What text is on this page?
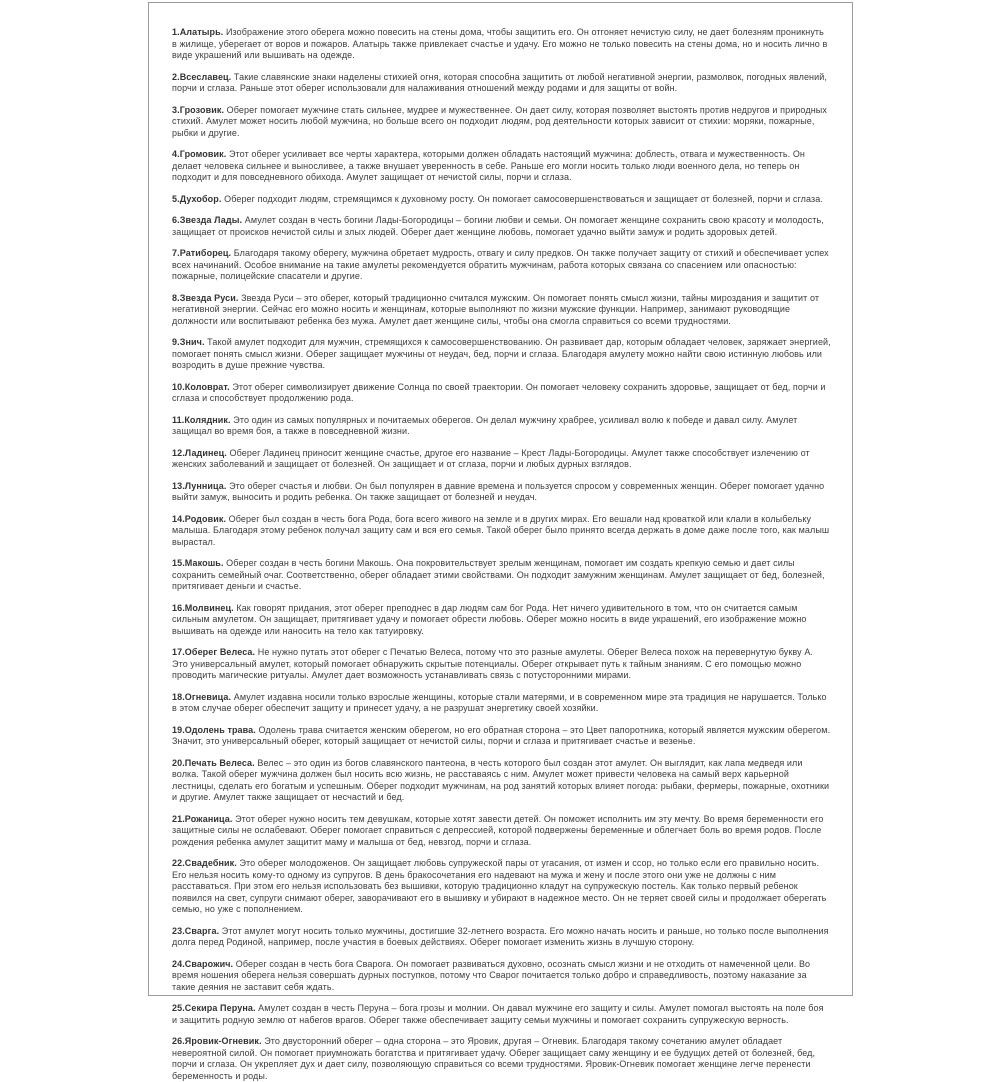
1.Алатырь. Изображение этого оберега можно повесить на стены дома, чтобы защитить его. Он отгоняет нечистую силу, не дает болезням проникнуть в жилище, уберегает от воров и пожаров. Алатырь также привлекает счастье и удачу. Его можно не только повесить на стены дома, но и носить лично в виде украшений или вышивать на одежде.

2.Всеславец. Такие славянские знаки наделены стихией огня, которая способна защитить от любой негативной энергии, размолвок, погодных явлений, порчи и сглаза. Раньше этот оберег использовали для налаживания отношений между родами и для защиты от войн.

3.Грозовик. Оберег помогает мужчине стать сильнее, мудрее и мужественнее. Он дает силу, которая позволяет выстоять против недругов и природных стихий. Амулет может носить любой мужчина, но больше всего он подходит людям, род деятельности которых зависит от стихии: моряки, пожарные, рыбки и другие.

4.Громовик. Этот оберег усиливает все черты характера, которыми должен обладать настоящий мужчина: доблесть, отвага и мужественность. Он делает человека сильнее и выносливее, а также внушает уверенность в себе. Раньше его могли носить только люди военного дела, но теперь он подходит и для повседневного обихода. Амулет защищает от нечистой силы, порчи и сглаза.

5.Духобор. Оберег подходит людям, стремящимся к духовному росту. Он помогает самосовершенствоваться и защищает от болезней, порчи и сглаза.

6.Звезда Лады. Амулет создан в честь богини Лады-Богородицы – богини любви и семьи. Он помогает женщине сохранить свою красоту и молодость, защищает от происков нечистой силы и злых людей. Оберег дает женщине любовь, помогает удачно выйти замуж и родить здоровых детей.

7.Ратиборец. Благодаря такому оберегу, мужчина обретает мудрость, отвагу и силу предков. Он также получает защиту от стихий и обеспечивает успех всех начинаний. Особое внимание на такие амулеты рекомендуется обратить мужчинам, работа которых связана со спасением или опасностью: пожарные, полицейские спасатели и другие.

8.Звезда Руси. Звезда Руси – это оберег, который традиционно считался мужским. Он помогает понять смысл жизни, тайны мироздания и защитит от негативной энергии. Сейчас его можно носить и женщинам, которые выполняют по жизни мужские функции. Например, занимают руководящие должности или воспитывают ребенка без мужа. Амулет дает женщине силы, чтобы она смогла справиться со всеми трудностями.

9.Знич. Такой амулет подходит для мужчин, стремящихся к самосовершенствованию. Он развивает дар, которым обладает человек, заряжает энергией, помогает понять смысл жизни. Оберег защищает мужчины от неудач, бед, порчи и сглаза. Благодаря амулету можно найти свою истинную любовь или возродить в душе прежние чувства.

10.Коловрат. Этот оберег символизирует движение Солнца по своей траектории. Он помогает человеку сохранить здоровье, защищает от бед, порчи и сглаза и способствует продолжению рода.

11.Колядник. Это один из самых популярных и почитаемых оберегов. Он делал мужчину храбрее, усиливал волю к победе и давал силу. Амулет защищал во время боя, а также в повседневной жизни.

12.Ладинец. Оберег Ладинец приносит женщине счастье, другое его название – Крест Лады-Богородицы. Амулет также способствует излечению от женских заболеваний и защищает от болезней. Он защищает и от сглаза, порчи и любых дурных взглядов.

13.Лунница. Это оберег счастья и любви. Он был популярен в давние времена и пользуется спросом у современных женщин. Оберег помогает удачно выйти замуж, выносить и родить ребенка. Он также защищает от болезней и неудач.

14.Родовик. Оберег был создан в честь бога Рода, бога всего живого на земле и в других мирах. Его вешали над кроваткой или клали в колыбельку малыша. Благодаря этому ребенок получал защиту сам и вся его семья. Такой оберег было принято всегда держать в доме даже после того, как малыш вырастал.

15.Макошь. Оберег создан в честь богини Макошь. Она покровительствует зрелым женщинам, помогает им создать крепкую семью и дает силы сохранить семейный очаг. Соответственно, оберег обладает этими свойствами. Он подходит замужним женщинам. Амулет защищает от бед, болезней, притягивает деньги и счастье.

16.Молвинец. Как говорят придания, этот оберег преподнес в дар людям сам бог Рода. Нет ничего удивительного в том, что он считается самым сильным амулетом. Он защищает, притягивает удачу и помогает обрести любовь. Оберег можно носить в виде украшений, его изображение можно вышивать на одежде или наносить на тело как татуировку.

17.Оберег Велеса. Не нужно путать этот оберег с Печатью Велеса, потому что это разные амулеты. Оберег Велеса похож на перевернутую букву А. Это универсальный амулет, который помогает обнаружить скрытые потенциалы. Оберег открывает путь к тайным знаниям. С его помощью можно проводить магические ритуалы. Амулет дает возможность устанавливать связь с потусторонними мирами.

18.Огневица. Амулет издавна носили только взрослые женщины, которые стали матерями, и в современном мире эта традиция не нарушается. Только в этом случае оберег обеспечит защиту и принесет удачу, а не разрушат энергетику своей хозяйки.

19.Одолень трава. Одолень трава считается женским оберегом, но его обратная сторона – это Цвет папоротника, который является мужским оберегом. Значит, это универсальный оберег, который защищает от нечистой силы, порчи и сглаза и притягивает счастье и везенье.

20.Печать Велеса. Велес – это один из богов славянского пантеона, в честь которого был создан этот амулет. Он выглядит, как лапа медведя или волка. Такой оберег мужчина должен был носить всю жизнь, не расставаясь с ним. Амулет может привести человека на самый верх карьерной лестницы, сделать его богатым и успешным. Оберег подходит мужчинам, на род занятий которых влияет погода: рыбаки, фермеры, пожарные, охотники и другие. Амулет также защищает от несчастий и бед.

21.Рожаница. Этот оберег нужно носить тем девушкам, которые хотят завести детей. Он поможет исполнить им эту мечту. Во время беременности его защитные силы не ослабевают. Оберег помогает справиться с депрессией, которой подвержены беременные и облегчает боль во время родов. После рождения ребенка амулет защитит маму и малыша от бед, невзгод, порчи и сглаза.

22.Свадебник. Это оберег молодоженов. Он защищает любовь супружеской пары от угасания, от измен и ссор, но только если его правильно носить. Его нельзя носить кому-то одному из супругов. В день бракосочетания его надевают на мужа и жену и после этого они уже не должны с ним расставаться. При этом его нельзя использовать без вышивки, которую традиционно кладут на супружескую постель. Как только первый ребенок появился на свет, супруги снимают оберег, заворачивают его в вышивку и убирают в надежное место. Он не теряет своей силы и продолжает оберегать семью, но уже с пополнением.

23.Сварга. Этот амулет могут носить только мужчины, достигшие 32-летнего возраста. Его можно начать носить и раньше, но только после выполнения долга перед Родиной, например, после участия в боевых действиях. Оберег помогает изменить жизнь в лучшую сторону.

24.Сварожич. Оберег создан в честь бога Сварога. Он помогает развиваться духовно, осознать смысл жизни и не отходить от намеченной цели. Во время ношения оберега нельзя совершать дурных поступков, потому что Сварог почитается только добро и справедливость, поэтому наказание за такие деяния не заставит себя ждать.

25.Секира Перуна. Амулет создан в честь Перуна – бога грозы и молнии. Он давал мужчине его защиту и силы. Амулет помогал выстоять на поле боя и защитить родную землю от набегов врагов. Оберег также обеспечивает защиту семьи мужчины и помогает сохранить супружескую верность.

26.Яровик-Огневик. Это двусторонний оберег – одна сторона – это Яровик, другая – Огневик. Благодаря такому сочетанию амулет обладает невероятной силой. Он помогает приумножать богатства и притягивает удачу. Оберег защищает саму женщину и ее будущих детей от болезней, бед, порчи и сглаза. Он укрепляет дух и дает силу, позволяющую справиться со всеми трудностями. Яровик-Огневик помогает женщине легче перенести беременность и роды.
